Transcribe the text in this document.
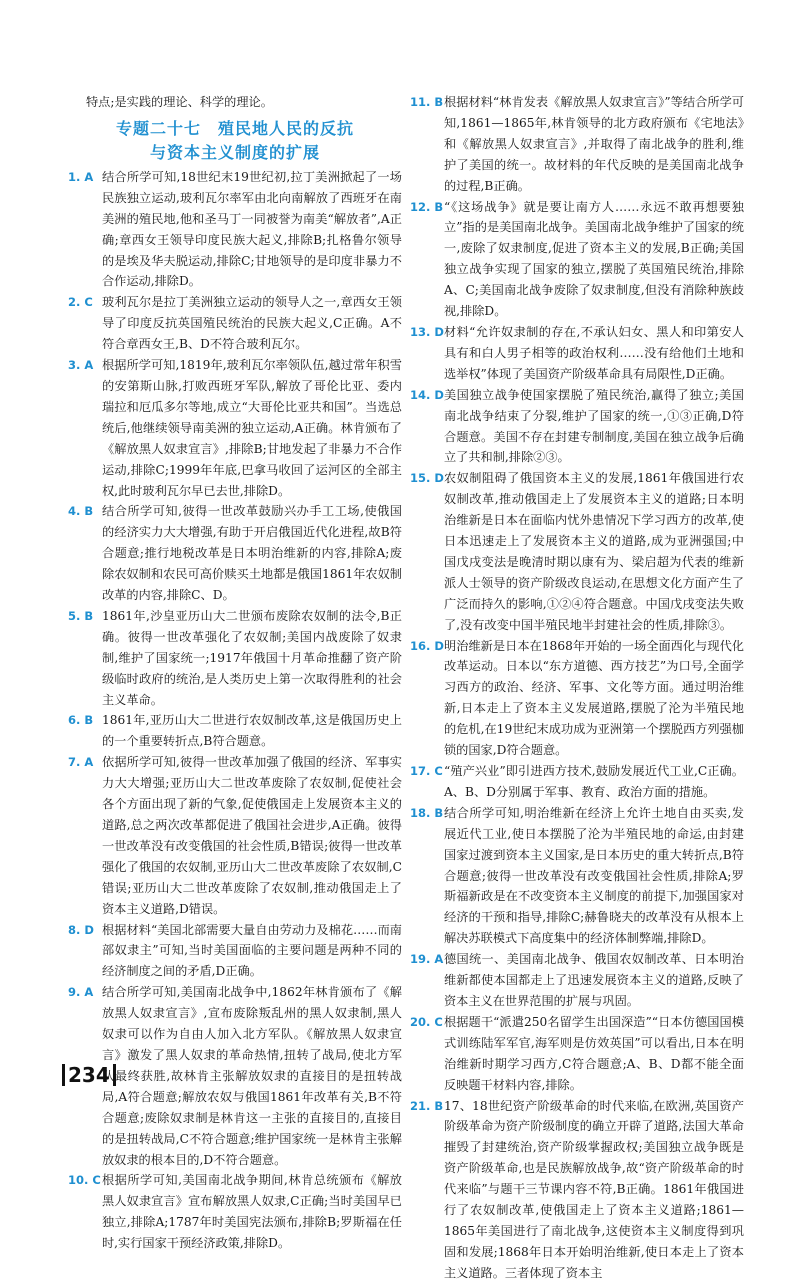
特点;是实践的理论、科学的理论。

专题二十七　殖民地人民的反抗
与资本主义制度的扩展
1. A 结合所学可知,18世纪末19世纪初,拉丁美洲掀起了一场民族独立运动,玻利瓦尔率军由北向南解放了西班牙在南美洲的殖民地,他和圣马丁一同被誉为南美“解放者”,A正确;章西女王领导印度民族大起义,排除B;扎格鲁尔领导的是埃及华夫脱运动,排除C;甘地领导的是印度非暴力不合作运动,排除D。
2. C 玻利瓦尔是拉丁美洲独立运动的领导人之一,章西女王领导了印度反抗英国殖民统治的民族大起义,C正确。A不符合章西女王,B、D不符合玻利瓦尔。
3. A 根据所学可知,1819年,玻利瓦尔率领队伍,越过常年积雪的安第斯山脉,打败西班牙军队,解放了哥伦比亚、委内瑞拉和厄瓜多尔等地,成立“大哥伦比亚共和国”。当选总统后,他继续领导南美洲的独立运动,A正确。林肯颁布了《解放黑人奴隶宣言》,排除B;甘地发起了非暴力不合作运动,排除C;1999年年底,巴拿马收回了运河区的全部主权,此时玻利瓦尔早已去世,排除D。
4. B 结合所学可知,彼得一世改革鼓励兴办手工工场,使俄国的经济实力大大增强,有助于开启俄国近代化进程,故B符合题意;推行地税改革是日本明治维新的内容,排除A;废除农奴制和农民可高价赎买土地都是俄国1861年农奴制改革的内容,排除C、D。
5. B 1861年,沙皇亚历山大二世颁布废除农奴制的法令,B正确。彼得一世改革强化了农奴制;美国内战废除了奴隶制,维护了国家统一;1917年俄国十月革命推翻了资产阶级临时政府的统治,是人类历史上第一次取得胜利的社会主义革命。
6. B 1861年,亚历山大二世进行农奴制改革,这是俄国历史上的一个重要转折点,B符合题意。
7. A 依据所学可知,彼得一世改革加强了俄国的经济、军事实力大大增强;亚历山大二世改革废除了农奴制,促使社会各个方面出现了新的气象,促使俄国走上发展资本主义的道路,总之两次改革都促进了俄国社会进步,A正确。彼得一世改革没有改变俄国的社会性质,B错误;彼得一世改革强化了俄国的农奴制,亚历山大二世改革废除了农奴制,C错误;亚历山大二世改革废除了农奴制,推动俄国走上了资本主义道路,D错误。
8. D 根据材料“美国北部需要大量自由劳动力及棉花……而南部奴隶主”可知,当时美国面临的主要问题是两种不同的经济制度之间的矛盾,D正确。
9. A 结合所学可知,美国南北战争中,1862年林肯颁布了《解放黑人奴隶宣言》,宣布废除叛乱州的黑人奴隶制,黑人奴隶可以作为自由人加入北方军队。《解放黑人奴隶宣言》激发了黑人奴隶的革命热情,扭转了战局,使北方军队最终获胜,故林肯主张解放奴隶的直接目的是扭转战局,A符合题意;解放农奴与俄国1861年改革有关,B不符合题意;废除奴隶制是林肯这一主张的直接目的,直接目的是扭转战局,C不符合题意;维护国家统一是林肯主张解放奴隶的根本目的,D不符合题意。
10. C 根据所学可知,美国南北战争期间,林肯总统颁布《解放黑人奴隶宣言》宣布解放黑人奴隶,C正确;当时美国早已独立,排除A;1787年时美国宪法颁布,排除B;罗斯福在任时,实行国家干预经济政策,排除D。
11. B 根据材料“林肯发表《解放黑人奴隶宣言》”等结合所学可知,1861—1865年,林肯领导的北方政府颁布《宅地法》和《解放黑人奴隶宣言》,并取得了南北战争的胜利,维护了美国的统一。故材料的年代反映的是美国南北战争的过程,B正确。
12. B “《这场战争》就是要让南方人……永远不敢再想要独立”指的是美国南北战争。美国南北战争维护了国家的统一,废除了奴隶制度,促进了资本主义的发展,B正确;美国独立战争实现了国家的独立,摆脱了英国殖民统治,排除A、C;美国南北战争废除了奴隶制度,但没有消除种族歧视,排除D。
13. D 材料“允许奴隶制的存在,不承认妇女、黑人和印第安人具有和白人男子相等的政治权利……没有给他们土地和选举权”体现了美国资产阶级革命具有局限性,D正确。
14. D 美国独立战争使国家摆脱了殖民统治,赢得了独立;美国南北战争结束了分裂,维护了国家的统一,①③正确,D符合题意。美国不存在封建专制制度,美国在独立战争后确立了共和制,排除②③。
15. D 农奴制阻碍了俄国资本主义的发展,1861年俄国进行农奴制改革,推动俄国走上了发展资本主义的道路;日本明治维新是日本在面临内忧外患情况下学习西方的改革,使日本迅速走上了发展资本主义的道路,成为亚洲强国;中国戊戌变法是晚清时期以康有为、梁启超为代表的维新派人士领导的资产阶级改良运动,在思想文化方面产生了广泛而持久的影响,①②④符合题意。中国戊戌变法失败了,没有改变中国半殖民地半封建社会的性质,排除③。
16. D 明治维新是日本在1868年开始的一场全面西化与现代化改革运动。日本以“东方道德、西方技艺”为口号,全面学习西方的政治、经济、军事、文化等方面。通过明治维新,日本走上了资本主义发展道路,摆脱了沦为半殖民地的危机,在19世纪末成功成为亚洲第一个摆脱西方列强枷锁的国家,D符合题意。
17. C “殖产兴业”即引进西方技术,鼓励发展近代工业,C正确。A、B、D分别属于军事、教育、政治方面的措施。
18. B 结合所学可知,明治维新在经济上允许土地自由买卖,发展近代工业,使日本摆脱了沦为半殖民地的命运,由封建国家过渡到资本主义国家,是日本历史的重大转折点,B符合题意;彼得一世改革没有改变俄国社会性质,排除A;罗斯福新政是在不改变资本主义制度的前提下,加强国家对经济的干预和指导,排除C;赫鲁晓夫的改革没有从根本上解决苏联模式下高度集中的经济体制弊端,排除D。
19. A 德国统一、美国南北战争、俄国农奴制改革、日本明治维新都使本国都走上了迅速发展资本主义的道路,反映了资本主义在世界范围的扩展与巩固。
20. C 根据题干“派遣250名留学生出国深造”“日本仿德国国模式训练陆军军官,海军则是仿效英国”可以看出,日本在明治维新时期学习西方,C符合题意;A、B、D都不能全面反映题干材料内容,排除。
21. B 17、18世纪资产阶级革命的时代来临,在欧洲,英国资产阶级革命为资产阶级制度的确立开辟了道路,法国大革命摧毁了封建统治,资产阶级掌握政权;美国独立战争既是资产阶级革命,也是民族解放战争,故“资产阶级革命的时代来临”与题干三节课内容不符,B正确。1861年俄国进行了农奴制改革,使俄国走上了资本主义道路;1861—1865年美国进行了南北战争,这使资本主义制度得到巩固和发展;1868年日本开始明治维新,使日本走上了资本主义道路。三者体现了资本主
234
